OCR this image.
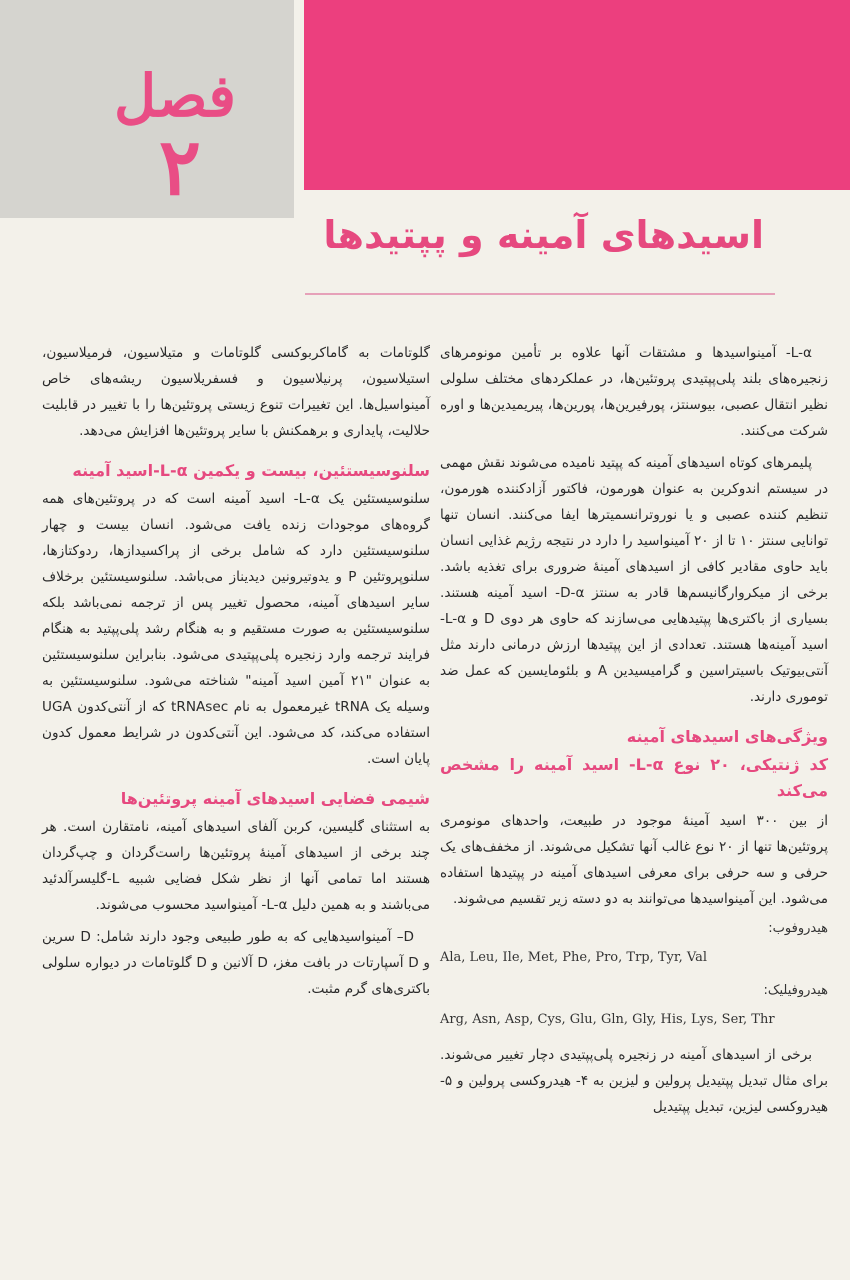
فصل
۲
اسیدهای آمینه و پپتیدها

L-α- آمینواسیدها و مشتقات آنها علاوه بر تأمین مونومرهای زنجیره‌های بلند پلی‌پپتیدی پروتئین‌ها، در عملکردهای مختلف سلولی نظیر انتقال عصبی، بیوسنتز، پورفیرین‌ها، پورین‌ها، پیریمیدین‌ها و اوره شرکت می‌کنند.

پلیمرهای کوتاه اسیدهای آمینه که پپتید نامیده می‌شوند نقش مهمی در سیستم اندوکرین به عنوان هورمون، فاکتور آزادکننده هورمون، تنظیم کننده عصبی و یا نوروترانسمیترها ایفا می‌کنند. انسان تنها توانایی سنتز ۱۰ تا از ۲۰ آمینواسید را دارد در نتیجه رژیم غذایی انسان باید حاوی مقادیر کافی از اسیدهای آمینهٔ ضروری برای تغذیه باشد. برخی از میکروارگانیسم‌ها قادر به سنتز D-α- اسید آمینه هستند. بسیاری از باکتری‌ها پپتیدهایی می‌سازند که حاوی هر دوی D و L-α- اسید آمینه‌ها هستند. تعدادی از این پپتیدها ارزش درمانی دارند مثل آنتی‌بیوتیک باسیتراسین و گرامیسیدین A و بلئومایسین که عمل ضد توموری دارند.

ویژگی‌های اسیدهای آمینه
کد ژنتیکی، ۲۰ نوع L-α- اسید آمینه را مشخص می‌کند

از بین ۳۰۰ اسید آمینهٔ موجود در طبیعت، واحدهای مونومری پروتئین‌ها تنها از ۲۰ نوع غالب آنها تشکیل می‌شوند. از مخفف‌های یک حرفی و سه حرفی برای معرفی اسیدهای آمینه در پپتیدها استفاده می‌شود. این آمینواسیدها می‌توانند به دو دسته زیر تقسیم می‌شوند.

هیدروفوب:
Ala, Leu, Ile, Met, Phe, Pro, Trp, Tyr, Val
هیدروفیلیک:
Arg, Asn, Asp, Cys, Glu, Gln, Gly, His, Lys, Ser, Thr

برخی از اسیدهای آمینه در زنجیره پلی‌پپتیدی دچار تغییر می‌شوند. برای مثال تبدیل پپتیدیل پرولین و لیزین به ۴- هیدروکسی پرولین و ۵- هیدروکسی لیزین، تبدیل پپتیدیل

گلوتامات به گاماکربوکسی گلوتامات و متیلاسیون، فرمیلاسیون، استیلاسیون، پرنیلاسیون و فسفریلاسیون ریشه‌های خاص آمینواسیل‌ها. این تغییرات تنوع زیستی پروتئین‌ها را با تغییر در قابلیت حلالیت، پایداری و برهمکنش با سایر پروتئین‌ها افزایش می‌دهد.

سلنوسیستئین، بیست و یکمین L-α-اسید آمینه

سلنوسیستئین یک L-α- اسید آمینه است که در پروتئین‌های همه گروه‌های موجودات زنده یافت می‌شود. انسان بیست و چهار سلنوسیستئین دارد که شامل برخی از پراکسیدازها، ردوکتازها، سلنوپروتئین P و یدوتیرونین دیدیناز می‌باشد. سلنوسیستئین برخلاف سایر اسیدهای آمینه، محصول تغییر پس از ترجمه نمی‌باشد بلکه سلنوسیستئین به صورت مستقیم و به هنگام رشد پلی‌پپتید به هنگام فرایند ترجمه وارد زنجیره پلی‌پپتیدی می‌شود. بنابراین سلنوسیستئین به عنوان "۲۱ آمین اسید آمینه" شناخته می‌شود. سلنوسیستئین به وسیله یک tRNA غیرمعمول به نام tRNAsec که از آنتی‌کدون UGA استفاده می‌کند، کد می‌شود. این آنتی‌کدون در شرایط معمول کدون پایان است.

شیمی فضایی اسیدهای آمینه پروتئین‌ها

به استثنای گلیسین، کربن آلفای اسیدهای آمینه، نامتقارن است. هر چند برخی از اسیدهای آمینهٔ پروتئین‌ها راست‌گردان و چپ‌گردان هستند اما تمامی آنها از نظر شکل فضایی شبیه L-گلیسرآلدئید می‌باشند و به همین دلیل L-α- آمینواسید محسوب می‌شوند.

D– آمینواسیدهایی که به طور طبیعی وجود دارند شامل: D سرین و D آسپارتات در بافت مغز، D آلانین و D گلوتامات در دیواره سلولی باکتری‌های گرم مثبت.
